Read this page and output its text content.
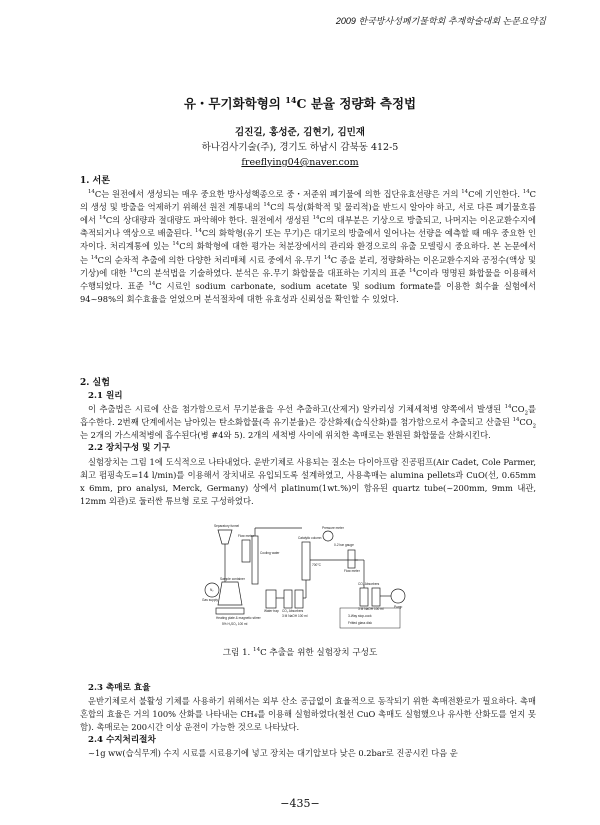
2009 한국방사성폐기물학회 추계학술대회 논문요약집
유・무기화학형의 $^{14}$C 분율 정량화 측정법
김진길, 홍성준, 김현기, 김민재
하나검사기술(주), 경기도 하남시 감북동 412-5
freeflying04@naver.com
1. 서론

$^{14}$C는 원전에서 생성되는 매우 중요한 방사성핵종으로 중・저준위 폐기물에 의한 집단유효선량은 거의 $^{14}$C에 기인한다. $^{14}$C의 생성 및 방출을 억제하기 위해선 원전 계통내의 $^{14}$C의 특성(화학적 및 물리적)을 반드시 알아야 하고, 서로 다른 폐기물흐름에서 $^{14}$C의 상대량과 절대량도 파악해야 한다. 원전에서 생성된 $^{14}$C의 대부분은 기상으로 방출되고, 나머지는 이온교환수지에 축적되거나 액상으로 배출된다. $^{14}$C의 화학형(유기 또는 무기)은 대기로의 방출에서 일어나는 선량을 예측할 때 매우 중요한 인자이다. 처리계통에 있는 $^{14}$C의 화학형에 대한 평가는 처분장에서의 관리와 환경으로의 유출 모델링시 중요하다. 본 논문에서는 $^{14}$C의 순차적 추출에 의한 다양한 처리매체 시료 중에서 유.무기 $^{14}$C 종을 분리, 정량화하는 이온교환수지와 공정수(액상 및 기상)에 대한 $^{14}$C의 분석법을 기술하였다. 분석은 유.무기 화합물을 대표하는 기지의 표준 $^{14}$C이라 명명된 화합물을 이용해서 수행되었다. 표준 $^{14}$C 시료인 sodium carbonate, sodium acetate 및 sodium formate를 이용한 회수율 실험에서 94~98%의 회수효율을 얻었으며 분석절차에 대한 유효성과 신뢰성을 확인할 수 있었다.

2. 실험
2.1 원리

이 추출법은 시료에 산을 첨가함으로서 무기분율을 우선 추출하고(산제거) 알카리성 기체세척병 양쪽에서 발생된 $^{14}CO_2$를 흡수한다. 2번째 단계에서는 남아있는 탄소화합물(즉 유기분율)은 강산화제(습식산화)를 첨가함으로서 추출되고 산출된 $^{14}CO_2$는 2개의 가스세척병에 흡수된다(병 #4와 5). 2개의 세척병 사이에 위치한 촉매로는 환원된 화합물을 산화시킨다.

2.2 장치구성 및 기구

실험장치는 그림 1에 도식적으로 나타내었다. 운반기체로 사용되는 질소는 다이아프람 진공펌프(Air Cadet, Cole Parmer, 최고 펌핑속도=14 l/min)를 이용해서 장치내로 유입되도록 설계하였고, 사용촉매는 alumina pellets과 CuO(선, 0.65mm x 6mm, pro analysi, Merck, Germany) 상에서 platinum(1wt.%)이 함유된 quartz tube(~200mm, 9mm 내관, 12mm 외관)로 둘러싼 튜브형 로로 구성하였다.

Separatory funnel
Flow meter
Cooling water
N₂
Gas supply
Sample container
Heating plate & magnetic stirrer
Water trap
Catalytic column
Pressure meter
0-2 bar gauge
Flow meter
CO₂ Absorbers
CO₂ Absorbers
700°C
3 M NaOH 100 ml
3 M NaOH 100 ml
5% H₂SO₄ 100 ml
Pump
3-Way stop-cock
Fritted glass disk
그림 1. $^{14}$C 추출을 위한 실험장치 구성도
2.3 촉매로 효율

운반기체로서 불활성 기체를 사용하기 위해서는 외부 산소 공급없이 효율적으로 동작되기 위한 촉매전환로가 필요하다. 촉매혼합의 효율은 거의 100% 산화를 나타내는 CH₄를 이용해 실험하였다(철선 CuO 촉매도 실험했으나 유사한 산화도를 얻지 못함). 촉매로는 200시간 이상 운전이 가능한 것으로 나타났다.

2.4 수지처리절차

~1g ww(습식무게) 수지 시료를 시료용기에 넣고 장치는 대기압보다 낮은 0.2bar로 진공시킨 다음 운

−435−
